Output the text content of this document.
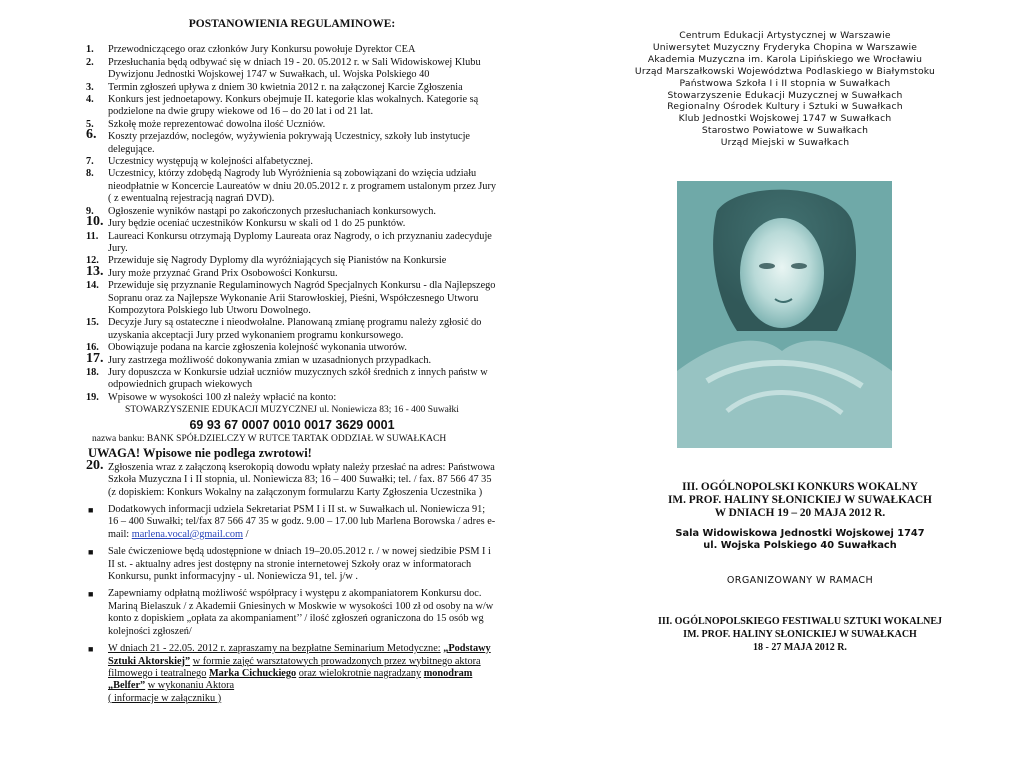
POSTANOWIENIA REGULAMINOWE:
1. Przewodniczącego oraz członków Jury Konkursu powołuje Dyrektor CEA
2. Przesłuchania będą odbywać się w dniach 19 - 20. 05.2012 r. w Sali Widowiskowej Klubu Dywizjonu Jednostki Wojskowej 1747 w Suwałkach, ul. Wojska Polskiego 40
3. Termin zgłoszeń upływa z dniem 30 kwietnia 2012 r. na załączonej Karcie Zgłoszenia
4. Konkurs jest jednoetapowy. Konkurs obejmuje II. kategorie klas wokalnych. Kategorie są podzielone na dwie grupy wiekowe od 16 – do 20 lat i od 21 lat.
5. Szkołę może reprezentować dowolna ilość Uczniów.
6. Koszty przejazdów, noclegów, wyżywienia pokrywają Uczestnicy, szkoły lub instytucje delegujące.
7. Uczestnicy występują w kolejności alfabetycznej.
8. Uczestnicy, którzy zdobędą Nagrody lub Wyróżnienia są zobowiązani do wzięcia udziału nieodpłatnie w Koncercie Laureatów w dniu 20.05.2012 r. z programem ustalonym przez Jury ( z ewentualną rejestracją nagrań DVD).
9. Ogłoszenie wyników nastąpi po zakończonych przesłuchaniach konkursowych.
10. Jury będzie oceniać uczestników Konkursu w skali od 1 do 25 punktów.
11. Laureaci Konkursu otrzymają Dyplomy Laureata oraz Nagrody, o ich przyznaniu zadecyduje Jury.
12. Przewiduje się Nagrody Dyplomy dla wyróżniających się Pianistów na Konkursie
13. Jury może przyznać Grand Prix Osobowości Konkursu.
14. Przewiduje się przyznanie Regulaminowych Nagród Specjalnych Konkursu - dla Najlepszego Sopranu oraz za Najlepsze Wykonanie Arii Starowłoskiej, Pieśni, Współczesnego Utworu Kompozytora Polskiego lub Utworu Dowolnego.
15. Decyzje Jury są ostateczne i nieodwołalne. Planowaną zmianę programu należy zgłosić do uzyskania akceptacji Jury przed wykonaniem programu konkursowego.
16. Obowiązuje podana na karcie zgłoszenia kolejność wykonania utworów.
17. Jury zastrzega możliwość dokonywania zmian w uzasadnionych przypadkach.
18. Jury dopuszcza w Konkursie udział uczniów muzycznych szkół średnich z innych państw w odpowiednich grupach wiekowych
19. Wpisowe w wysokości 100 zł należy wpłacić na konto:
STOWARZYSZENIE EDUKACJI MUZYCZNEJ ul. Noniewicza 83; 16 - 400 Suwałki
69 93 67 0007 0010 0017 3629 0001
nazwa banku: BANK SPÓŁDZIELCZY W RUTCE TARTAK ODDZIAŁ W SUWAŁKACH
UWAGA! Wpisowe nie podlega zwrotowi!
20. Zgłoszenia wraz z załączoną kserokopią dowodu wpłaty należy przesłać na adres: Państwowa Szkoła Muzyczna I i II stopnia, ul. Noniewicza 83; 16 – 400 Suwałki; tel. / fax. 87 566 47 35 (z dopiskiem: Konkurs Wokalny na załączonym formularzu Karty Zgłoszenia Uczestnika )
■ Dodatkowych informacji udziela Sekretariat PSM I i II st. w Suwałkach ul. Noniewicza 91; 16 – 400 Suwałki; tel/fax 87 566 47 35 w godz. 9.00 – 17.00 lub Marlena Borowska / adres e-mail: marlena.vocal@gmail.com /
■ Sale ćwiczeniowe będą udostępnione w dniach 19–20.05.2012 r. / w nowej siedzibie PSM I i II st. - aktualny adres jest dostępny na stronie internetowej Szkoły oraz w informatorach Konkursu, punkt informacyjny - ul. Noniewicza 91, tel. j/w .
■ Zapewniamy odpłatną możliwość współpracy i występu z akompaniatorem Konkursu doc. Mariną Bielaszuk / z Akademii Gniesinych w Moskwie w wysokości 100 zł od osoby na w/w konto z dopiskiem „opłata za akompaniament’’ / ilość zgłoszeń ograniczona do 15 osób wg kolejności zgłoszeń/
■ W dniach 21 - 22.05. 2012 r. zapraszamy na bezpłatne Seminarium Metodyczne: „Podstawy Sztuki Aktorskiej” w formie zajęć warsztatowych prowadzonych przez wybitnego aktora filmowego i teatralnego Marka Cichuckiego oraz wielokrotnie nagradzany monodram „Belfer” w wykonaniu Aktora
( informacje w załączniku )
Centrum Edukacji Artystycznej w Warszawie
Uniwersytet Muzyczny Fryderyka Chopina w Warszawie
Akademia Muzyczna im. Karola Lipińskiego we Wrocławiu
Urząd Marszałkowski Województwa Podlaskiego w Białymstoku
Państwowa Szkoła I i II stopnia w Suwałkach
Stowarzyszenie Edukacji Muzycznej w Suwałkach
Regionalny Ośrodek Kultury i Sztuki w Suwałkach
Klub Jednostki Wojskowej 1747 w Suwałkach
Starostwo Powiatowe w Suwałkach
Urząd Miejski w Suwałkach
III. OGÓLNOPOLSKI KONKURS WOKALNY
IM. PROF. HALINY SŁONICKIEJ W SUWAŁKACH
W DNIACH 19 – 20 MAJA 2012 R.
Sala Widowiskowa Jednostki Wojskowej 1747
ul. Wojska Polskiego 40 Suwałkach
ORGANIZOWANY W RAMACH
III. OGÓLNOPOLSKIEGO FESTIWALU SZTUKI WOKALNEJ
IM. PROF. HALINY SŁONICKIEJ W SUWAŁKACH
18 - 27 MAJA 2012 R.
